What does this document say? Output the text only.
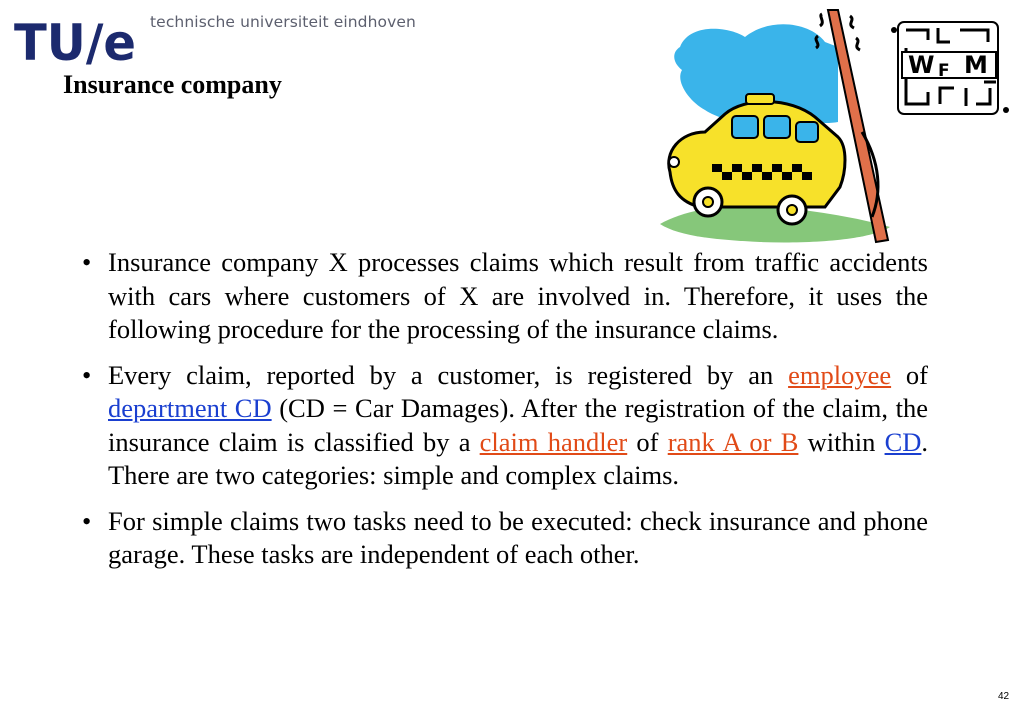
TU/e technische universiteit eindhoven
Insurance company
W F M
• Insurance company X processes claims which result from traffic accidents with cars where customers of X are involved in. Therefore, it uses the following procedure for the processing of the insurance claims.
• Every claim, reported by a customer, is registered by an employee of department CD (CD = Car Damages). After the registration of the claim, the insurance claim is classified by a claim handler of rank A or B within CD. There are two categories: simple and complex claims.
• For simple claims two tasks need to be executed: check insurance and phone garage. These tasks are independent of each other.
42
